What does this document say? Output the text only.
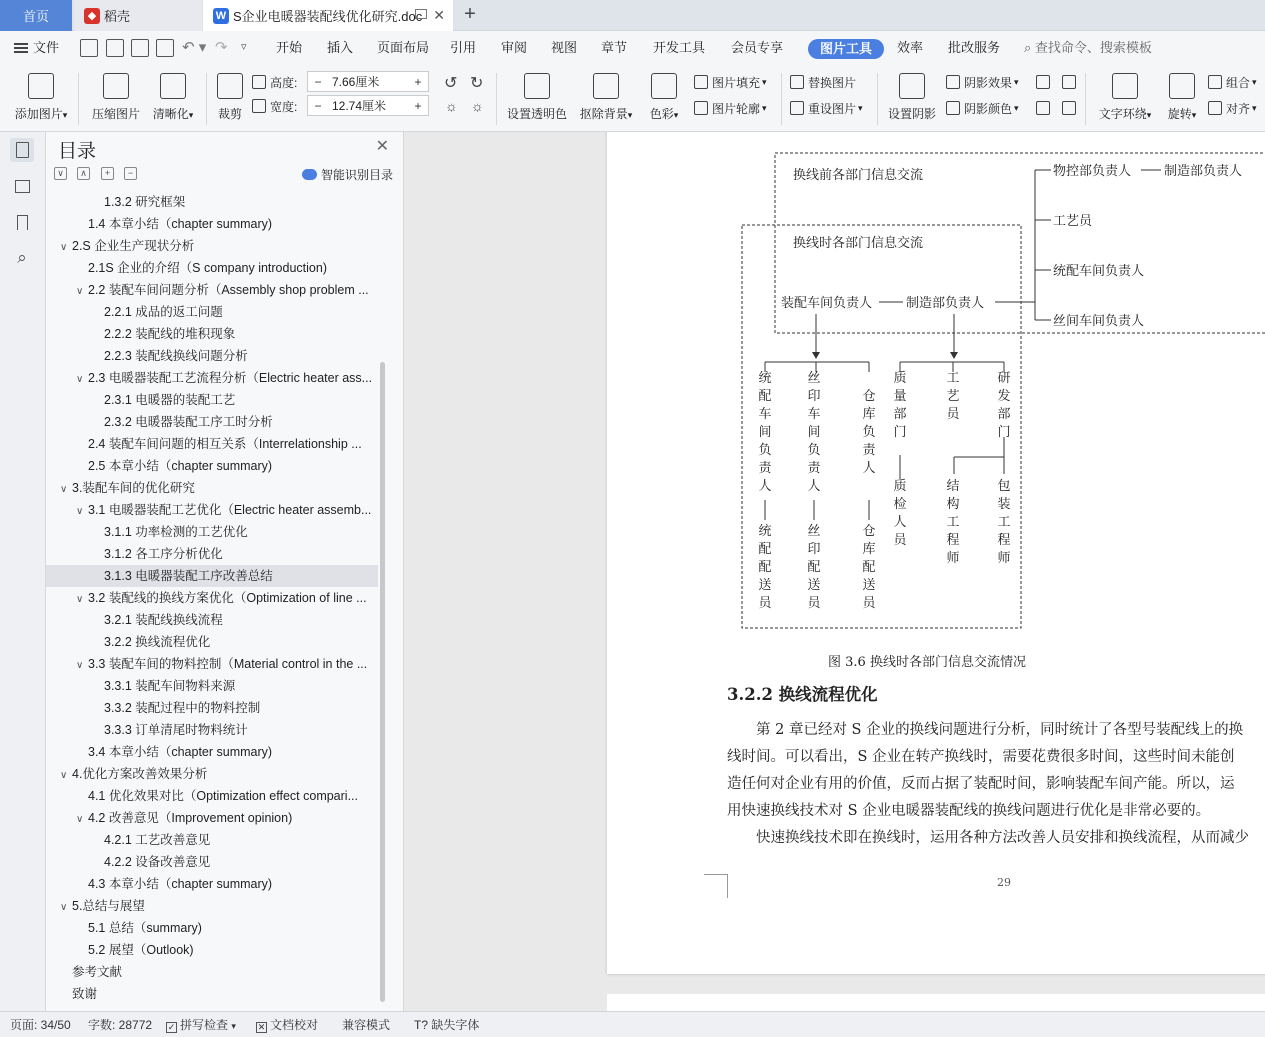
首页	◆ 稻壳	W S企业电暖器装配线优化研究.doc ✕ +
文件	↶ ▾ ↷ ▿ 开始 插入 页面布局 引用 审阅 视图 章节 开发工具 会员专享	图片工具	效率 批改服务 ⌕ 查找命令、搜索模板
添加图片▾ 压缩图片 清晰化▾	裁剪
高度:	− 7.66厘米	+
宽度:	− 12.74厘米	+
↺ ↻
☼ ☼ 设置透明色	抠除背景▾	色彩▾
图片填充 ▾
图片轮廓 ▾
替换图片
重设图片 ▾ 设置阴影
阴影效果 ▾
阴影颜色 ▾	文字环绕▾	旋转▾
组合 ▾
对齐 ▾
⌕
目录	✕
∨	∧	+	−	智能识别目录
1.3.2 研究框架
1.4 本章小结（chapter summary)
∨ 2.S 企业生产现状分析
2.1S 企业的介绍（S company introduction)
∨ 2.2 装配车间问题分析（Assembly shop problem ...
2.2.1 成品的返工问题
2.2.2 装配线的堆积现象
2.2.3 装配线换线问题分析
∨ 2.3 电暖器装配工艺流程分析（Electric heater ass...
2.3.1 电暖器的装配工艺
2.3.2 电暖器装配工序工时分析
2.4 装配车间问题的相互关系（Interrelationship ...
2.5 本章小结（chapter summary)
∨ 3.装配车间的优化研究
∨ 3.1 电暖器装配工艺优化（Electric heater assemb...
3.1.1 功率检测的工艺优化
3.1.2 各工序分析优化
3.1.3 电暖器装配工序改善总结
∨ 3.2 装配线的换线方案优化（Optimization of line ...
3.2.1 装配线换线流程
3.2.2 换线流程优化
∨ 3.3 装配车间的物料控制（Material control in the ...
3.3.1 装配车间物料来源
3.3.2 装配过程中的物料控制
3.3.3 订单清尾时物料统计
3.4 本章小结（chapter summary)
∨ 4.优化方案改善效果分析
4.1 优化效果对比（Optimization effect compari...
∨ 4.2 改善意见（Improvement opinion)
4.2.1 工艺改善意见
4.2.2 设备改善意见
4.3 本章小结（chapter summary)
∨ 5.总结与展望
5.1 总结（summary)
5.2 展望（Outlook)
参考文献
致谢
换线前各部门信息交流
换线时各部门信息交流
装配车间负责人	制造部负责人
物控部负责人	制造部负责人
工艺员
统配车间负责人
丝间车间负责人
统配车间负责人
统配配送员
丝印车间负责人
丝印配送员
仓库负责人
仓库配送员
质量部门
质检人员
工艺员
研发部门
结构工程师
包装工程师
图 3.6 换线时各部门信息交流情况
3.2.2 换线流程优化
　　第 2 章已经对 S 企业的换线问题进行分析，同时统计了各型号装配线上的换
线时间。可以看出，S 企业在转产换线时，需要花费很多时间，这些时间未能创
造任何对企业有用的价值，反而占据了装配时间，影响装配车间产能。所以，运
用快速换线技术对 S 企业电暖器装配线的换线问题进行优化是非常必要的。
　　快速换线技术即在换线时，运用各种方法改善人员安排和换线流程，从而减少
29
页面: 34/50 字数: 28772 ✓ 拼写检查 ▾ ✕ 文档校对 兼容模式 T? 缺失字体
